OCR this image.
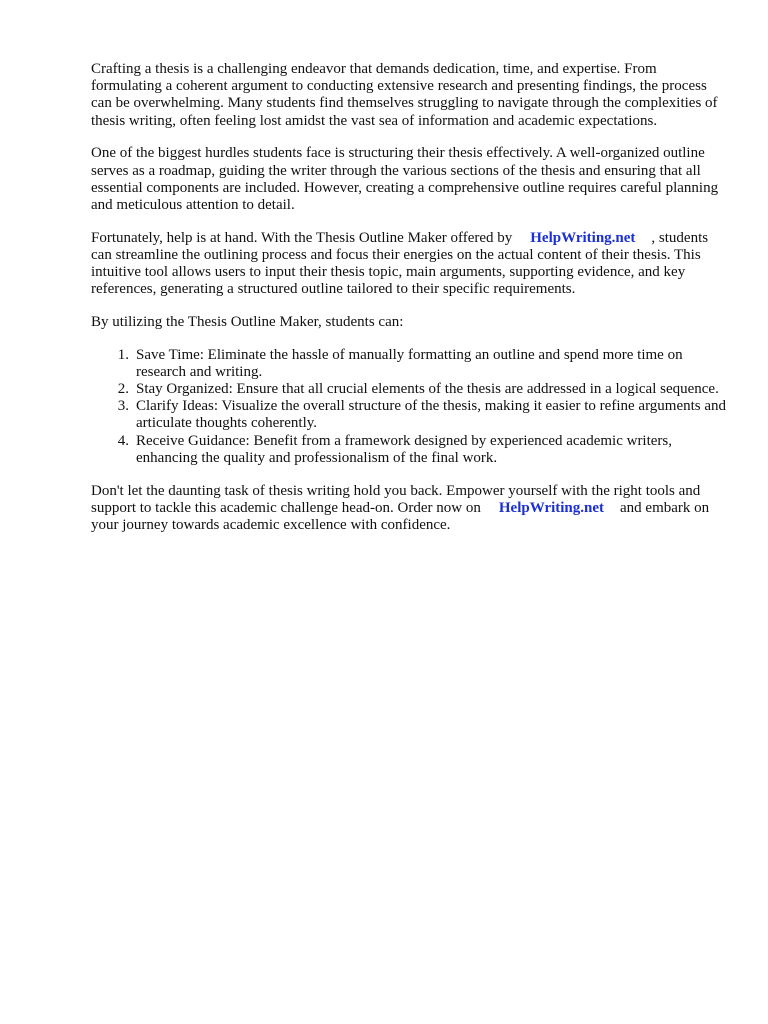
Crafting a thesis is a challenging endeavor that demands dedication, time, and expertise. From formulating a coherent argument to conducting extensive research and presenting findings, the process can be overwhelming. Many students find themselves struggling to navigate through the complexities of thesis writing, often feeling lost amidst the vast sea of information and academic expectations.

One of the biggest hurdles students face is structuring their thesis effectively. A well-organized outline serves as a roadmap, guiding the writer through the various sections of the thesis and ensuring that all essential components are included. However, creating a comprehensive outline requires careful planning and meticulous attention to detail.

Fortunately, help is at hand. With the Thesis Outline Maker offered by HelpWriting.net , students can streamline the outlining process and focus their energies on the actual content of their thesis. This intuitive tool allows users to input their thesis topic, main arguments, supporting evidence, and key references, generating a structured outline tailored to their specific requirements.

By utilizing the Thesis Outline Maker, students can:

1. Save Time: Eliminate the hassle of manually formatting an outline and spend more time on research and writing.
2. Stay Organized: Ensure that all crucial elements of the thesis are addressed in a logical sequence.
3. Clarify Ideas: Visualize the overall structure of the thesis, making it easier to refine arguments and articulate thoughts coherently.
4. Receive Guidance: Benefit from a framework designed by experienced academic writers, enhancing the quality and professionalism of the final work.

Don't let the daunting task of thesis writing hold you back. Empower yourself with the right tools and support to tackle this academic challenge head-on. Order now on HelpWriting.net and embark on your journey towards academic excellence with confidence.
